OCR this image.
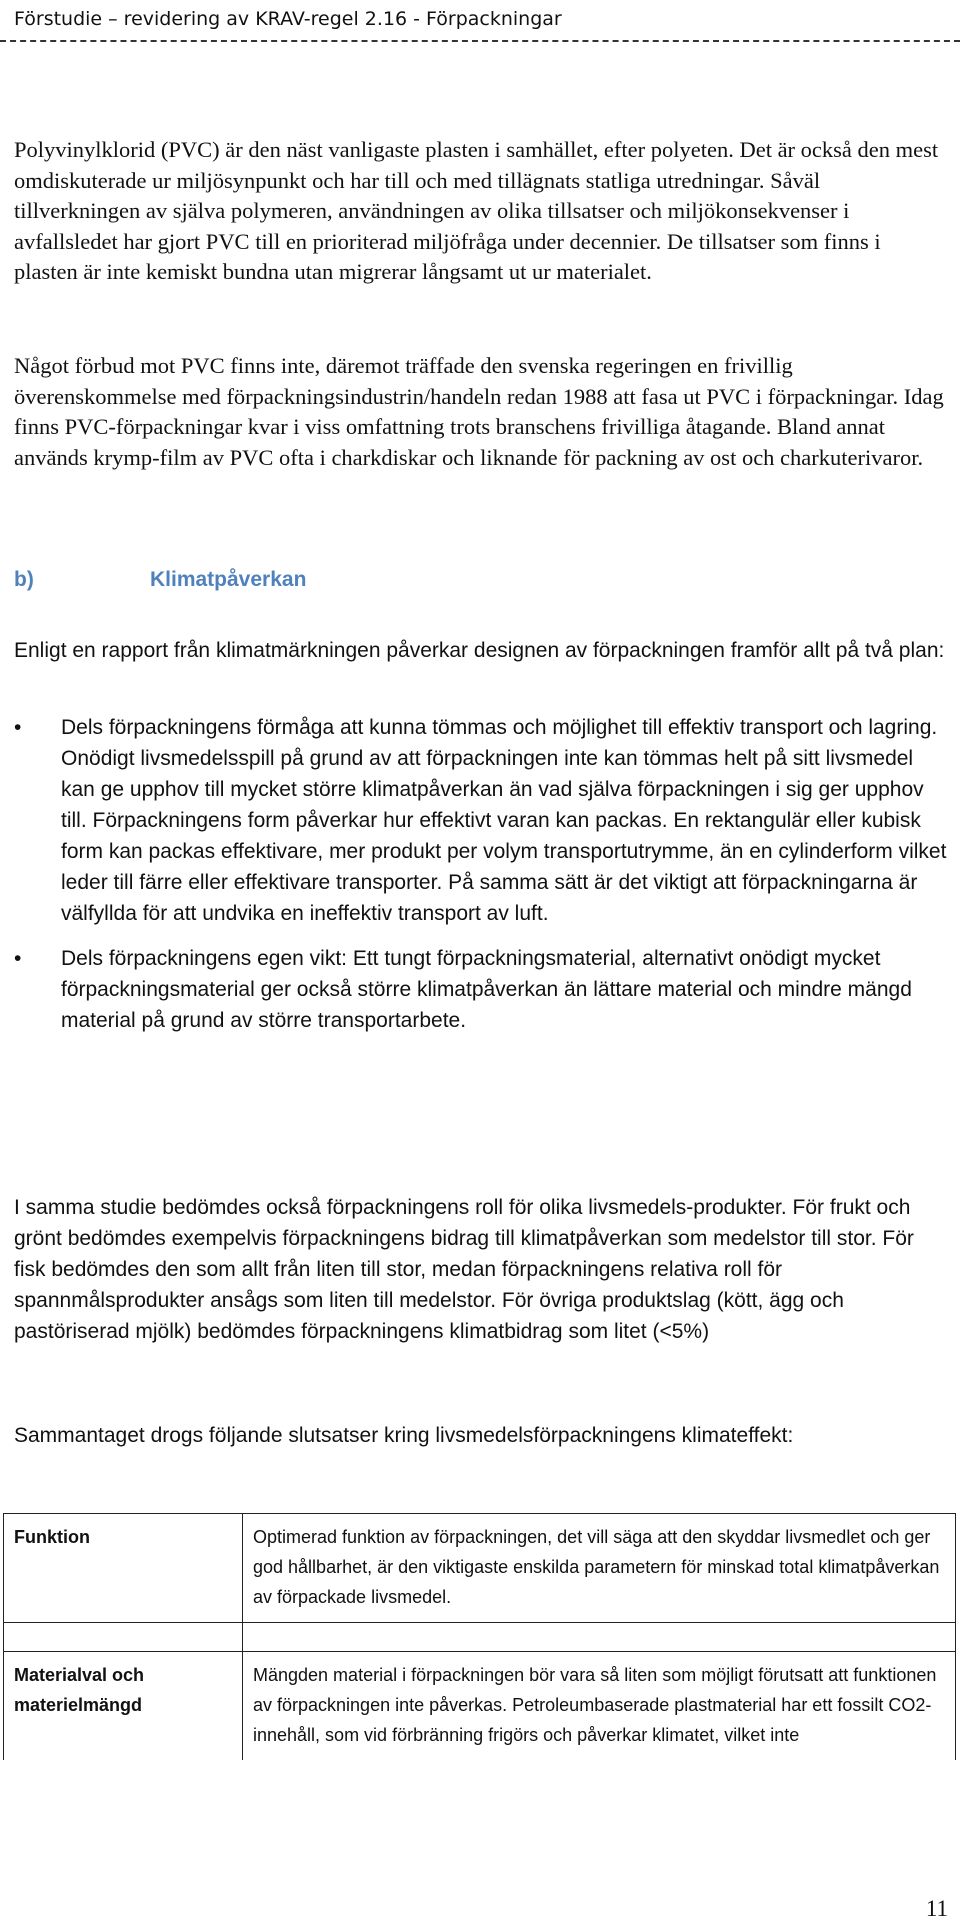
Förstudie – revidering av KRAV-regel 2.16 - Förpackningar

Polyvinylklorid (PVC) är den näst vanligaste plasten i samhället, efter polyeten. Det är också den mest omdiskuterade ur miljösynpunkt och har till och med tillägnats statliga utredningar. Såväl tillverkningen av själva polymeren, användningen av olika tillsatser och miljökonsekvenser i avfallsledet har gjort PVC till en prioriterad miljöfråga under decennier. De tillsatser som finns i plasten är inte kemiskt bundna utan migrerar långsamt ut ur materialet.

Något förbud mot PVC finns inte, däremot träffade den svenska regeringen en frivillig överenskommelse med förpackningsindustrin/handeln redan 1988 att fasa ut PVC i förpackningar. Idag finns PVC-förpackningar kvar i viss omfattning trots branschens frivilliga åtagande. Bland annat används krymp-film av PVC ofta i charkdiskar och liknande för packning av ost och charkuterivaror.

b)	Klimatpåverkan

Enligt en rapport från klimatmärkningen påverkar designen av förpackningen framför allt på två plan:

• Dels förpackningens förmåga att kunna tömmas och möjlighet till effektiv transport och lagring. Onödigt livsmedelsspill på grund av att förpackningen inte kan tömmas helt på sitt livsmedel kan ge upphov till mycket större klimatpåverkan än vad själva förpackningen i sig ger upphov till. Förpackningens form påverkar hur effektivt varan kan packas. En rektangulär eller kubisk form kan packas effektivare, mer produkt per volym transportutrymme, än en cylinderform vilket leder till färre eller effektivare transporter. På samma sätt är det viktigt att förpackningarna är välfyllda för att undvika en ineffektiv transport av luft.
• Dels förpackningens egen vikt: Ett tungt förpackningsmaterial, alternativt onödigt mycket förpackningsmaterial ger också större klimatpåverkan än lättare material och mindre mängd material på grund av större transportarbete.

I samma studie bedömdes också förpackningens roll för olika livsmedels-produkter. För frukt och grönt bedömdes exempelvis förpackningens bidrag till klimatpåverkan som medelstor till stor. För fisk bedömdes den som allt från liten till stor, medan förpackningens relativa roll för spannmålsprodukter ansågs som liten till medelstor. För övriga produktslag (kött, ägg och pastöriserad mjölk) bedömdes förpackningens klimatbidrag som litet (<5%)

Sammantaget drogs följande slutsatser kring livsmedelsförpackningens klimateffekt:

Funktion	Optimerad funktion av förpackningen, det vill säga att den skyddar livsmedlet och ger god hållbarhet, är den viktigaste enskilda parametern för minskad total klimatpåverkan av förpackade livsmedel.

Materialval och materielmängd	Mängden material i förpackningen bör vara så liten som möjligt förutsatt att funktionen av förpackningen inte påverkas. Petroleumbaserade plastmaterial har ett fossilt CO2-innehåll, som vid förbränning frigörs och påverkar klimatet, vilket inte
11
